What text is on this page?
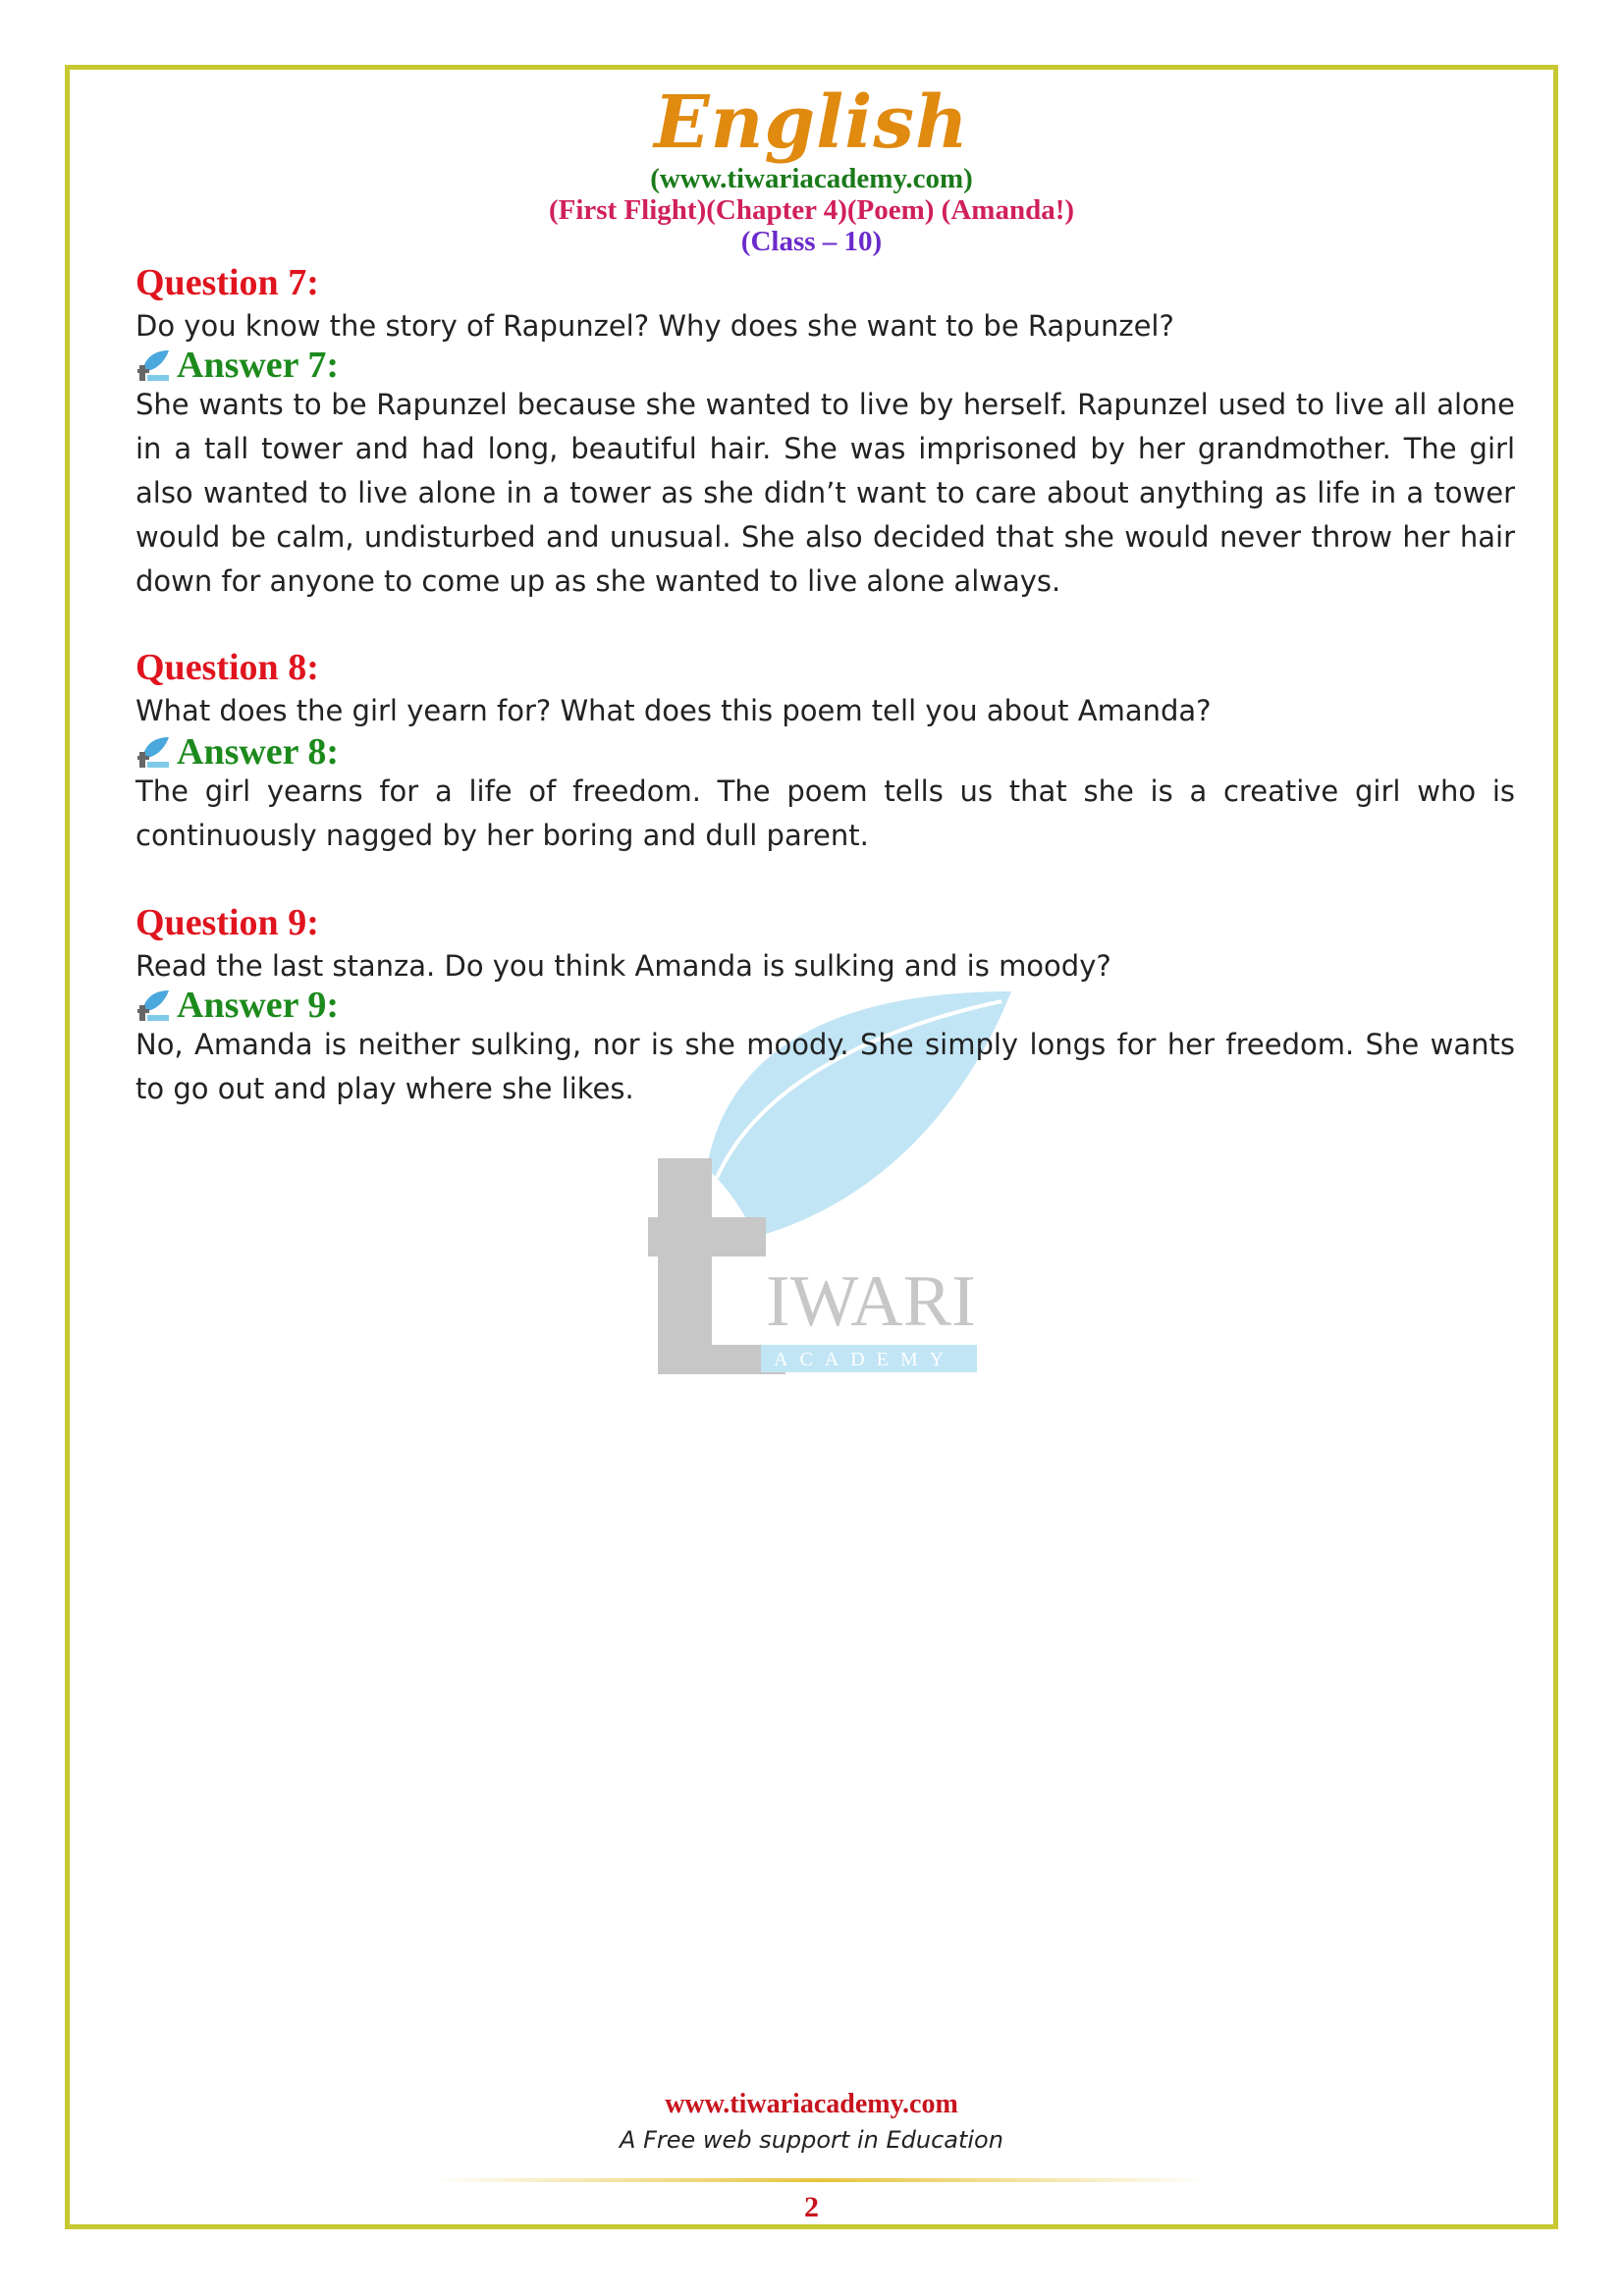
English
(www.tiwariacademy.com)
(First Flight)(Chapter 4)(Poem) (Amanda!)
(Class – 10)
IWARI
ACADEMY
Question 7:
Do you know the story of Rapunzel? Why does she want to be Rapunzel?
Answer 7:
She wants to be Rapunzel because she wanted to live by herself. Rapunzel used to live all alone in a tall tower and had long, beautiful hair. She was imprisoned by her grandmother. The girl also wanted to live alone in a tower as she didn’t want to care about anything as life in a tower would be calm, undisturbed and unusual. She also decided that she would never throw her hair down for anyone to come up as she wanted to live alone always.
Question 8:
What does the girl yearn for? What does this poem tell you about Amanda?
Answer 8:
The girl yearns for a life of freedom. The poem tells us that she is a creative girl who is continuously nagged by her boring and dull parent.
Question 9:
Read the last stanza. Do you think Amanda is sulking and is moody?
Answer 9:
No, Amanda is neither sulking, nor is she moody. She simply longs for her freedom. She wants to go out and play where she likes.
www.tiwariacademy.com
A Free web support in Education
2
